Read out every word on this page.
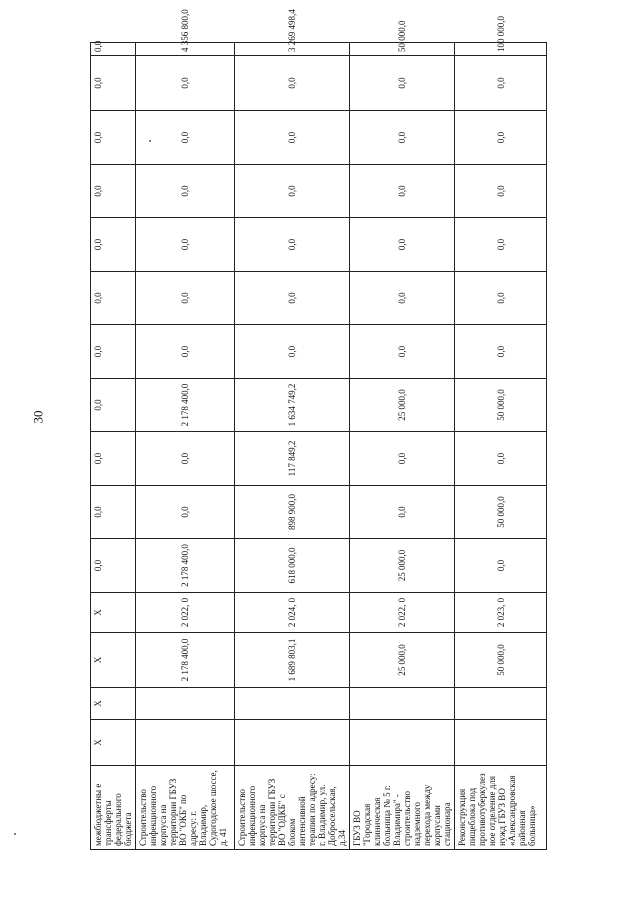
30
межбюджетны е трансферты федерального бюджета	X	X	X	X	0,0	0,0	0,0	0,0	0,0	0,0	0,0	0,0	0,0	0,0	0,0
Строительство инфекционного корпуса на территории ГБУЗ ВО "ОКБ" по адресу: г. Владимир, Судогодское шоссе, д. 41			2 178 400,0	2 022, 0	2 178 400,0	0,0	0,0	2 178 400,0	0,0	0,0	0,0	0,0	0,0	0,0	4 356 800,0
Строительство инфекционного корпуса на территории ГБУЗ ВО "ОДКБ" с блоком интенсивной терапии по адресу: г. Владимир, ул. Добросельская, д.34			1 689 803,1	2 024, 0	618 000,0	898 900,0	117 849,2	1 634 749,2	0,0	0,0	0,0	0,0	0,0	0,0	3 269 498,4
ГБУЗ ВО "Городская клиническая больница № 5 г. Владимира" - строительство надземного перехода между корпусами стационара			25 000,0	2 022, 0	25 000,0	0,0	0,0	25 000,0	0,0	0,0	0,0	0,0	0,0	0,0	50 000,0
Реконструкция пищеблока под противотуберкулез ное отделение для нужд ГБУЗ ВО «Александровская районная больница»			50 000,0	2 023, 0	0,0	50 000,0	0,0	50 000,0	0,0	0,0	0,0	0,0	0,0	0,0	100 000,0
